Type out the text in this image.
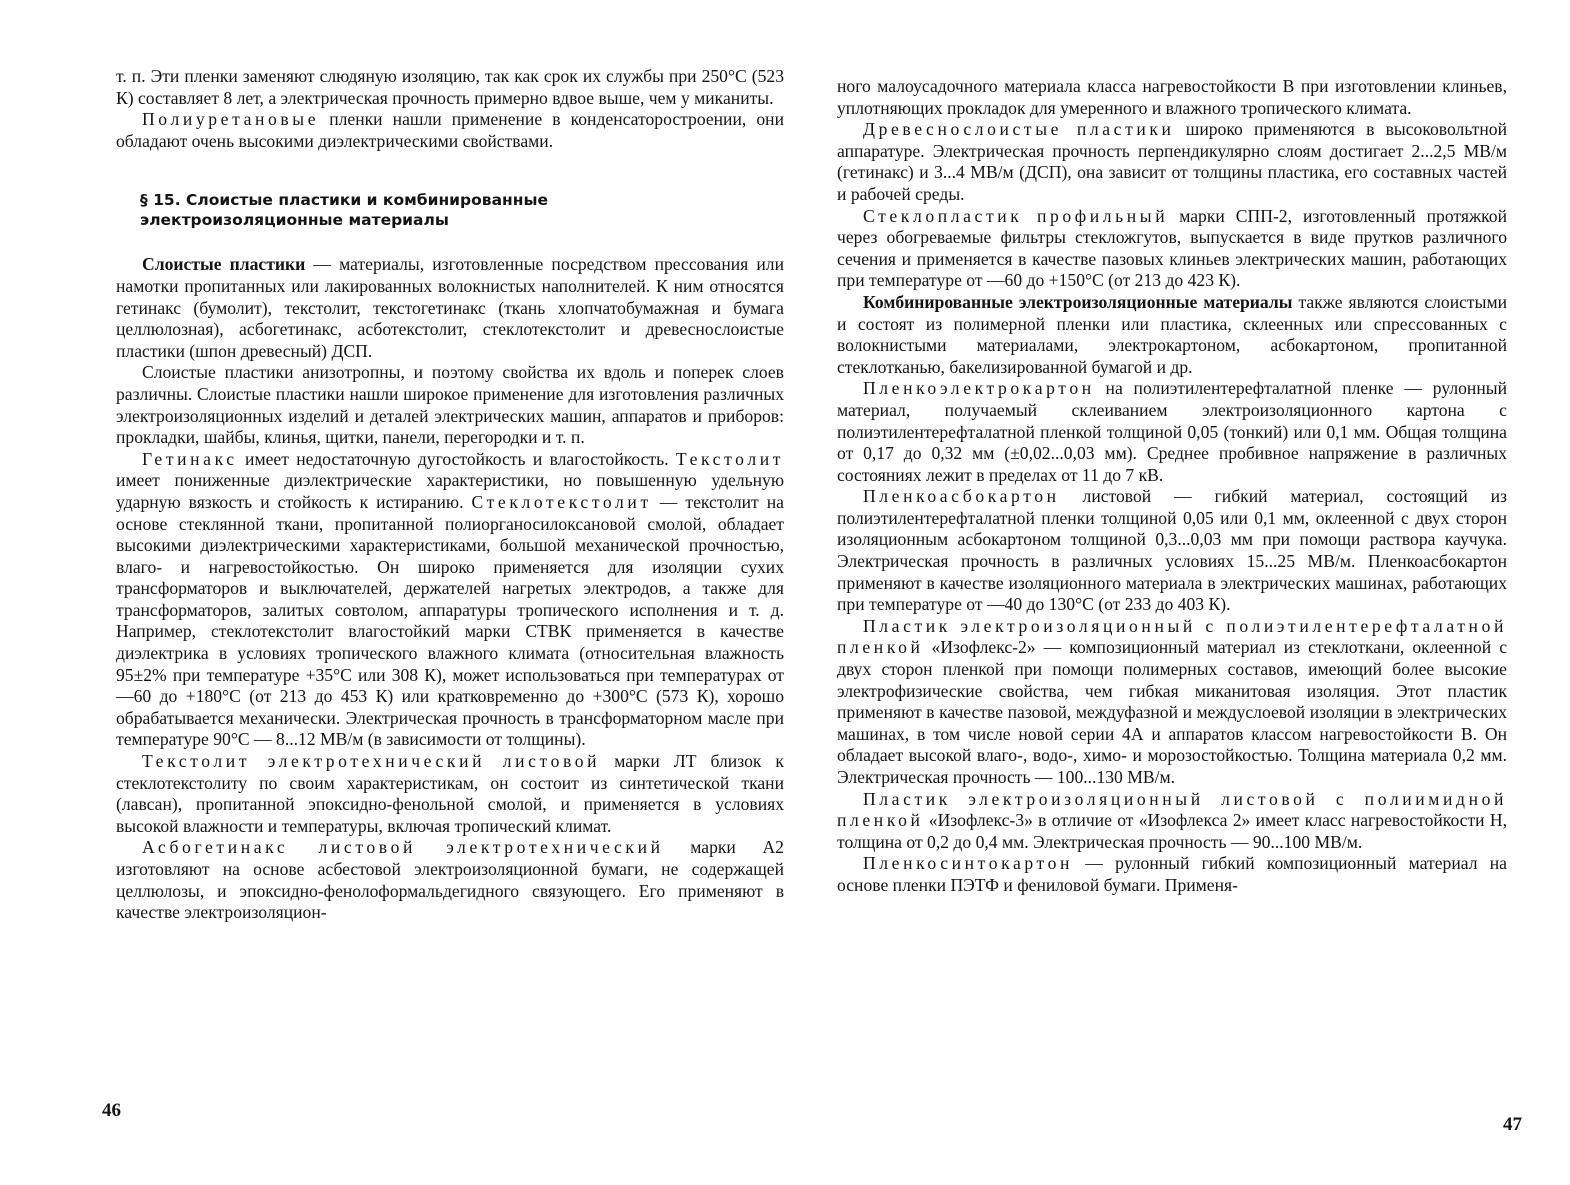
т. п. Эти пленки заменяют слюдяную изоляцию, так как срок их службы при 250°С (523 К) составляет 8 лет, а электрическая прочность примерно вдвое выше, чем у миканиты.

Полиуретановые пленки нашли применение в конденсаторостроении, они обладают очень высокими диэлектрическими свойствами.

§ 15. Слоистые пластики и комбинированные
электроизоляционные материалы

Слоистые пластики — материалы, изготовленные посредством прессования или намотки пропитанных или лакированных волокнистых наполнителей. К ним относятся гетинакс (бумолит), текстолит, текстогетинакс (ткань хлопчатобумажная и бумага целлюлозная), асбогетинакс, асботекстолит, стеклотекстолит и древеснослоистые пластики (шпон древесный) ДСП.

Слоистые пластики анизотропны, и поэтому свойства их вдоль и поперек слоев различны. Слоистые пластики нашли широкое применение для изготовления различных электроизоляционных изделий и деталей электрических машин, аппаратов и приборов: прокладки, шайбы, клинья, щитки, панели, перегородки и т. п.

Гетинакс имеет недостаточную дугостойкость и влагостойкость. Текстолит имеет пониженные диэлектрические характеристики, но повышенную удельную ударную вязкость и стойкость к истиранию. Стеклотекстолит — текстолит на основе стеклянной ткани, пропитанной полиорганосилоксановой смолой, обладает высокими диэлектрическими характеристиками, большой механической прочностью, влаго- и нагревостойкостью. Он широко применяется для изоляции сухих трансформаторов и выключателей, держателей нагретых электродов, а также для трансформаторов, залитых совтолом, аппаратуры тропического исполнения и т. д. Например, стеклотекстолит влагостойкий марки СТВК применяется в качестве диэлектрика в условиях тропического влажного климата (относительная влажность 95±2% при температуре +35°С или 308 К), может использоваться при температурах от —60 до +180°С (от 213 до 453 К) или кратковременно до +300°С (573 К), хорошо обрабатывается механически. Электрическая прочность в трансформаторном масле при температуре 90°С — 8...12 МВ/м (в зависимости от толщины).

Текстолит электротехнический листовой марки ЛТ близок к стеклотекстолиту по своим характеристикам, он состоит из синтетической ткани (лавсан), пропитанной эпоксидно-фенольной смолой, и применяется в условиях высокой влажности и температуры, включая тропический климат.

Асбогетинакс листовой электротехнический марки А2 изготовляют на основе асбестовой электроизоляционной бумаги, не содержащей целлюлозы, и эпоксидно-фенолоформальдегидного связующего. Его применяют в качестве электроизоляцион-

46

ного малоусадочного материала класса нагревостойкости В при изготовлении клиньев, уплотняющих прокладок для умеренного и влажного тропического климата.

Древеснослоистые пластики широко применяются в высоковольтной аппаратуре. Электрическая прочность перпендикулярно слоям достигает 2...2,5 МВ/м (гетинакс) и 3...4 МВ/м (ДСП), она зависит от толщины пластика, его составных частей и рабочей среды.

Стеклопластик профильный марки СПП-2, изготовленный протяжкой через обогреваемые фильтры стекложгутов, выпускается в виде прутков различного сечения и применяется в качестве пазовых клиньев электрических машин, работающих при температуре от —60 до +150°С (от 213 до 423 К).

Комбинированные электроизоляционные материалы также являются слоистыми и состоят из полимерной пленки или пластика, склеенных или спрессованных с волокнистыми материалами, электрокартоном, асбокартоном, пропитанной стеклотканью, бакелизированной бумагой и др.

Пленкоэлектрокартон на полиэтилентерефталатной пленке — рулонный материал, получаемый склеиванием электроизоляционного картона с полиэтилентерефталатной пленкой толщиной 0,05 (тонкий) или 0,1 мм. Общая толщина от 0,17 до 0,32 мм (±0,02...0,03 мм). Среднее пробивное напряжение в различных состояниях лежит в пределах от 11 до 7 кВ.

Пленкоасбокартон листовой — гибкий материал, состоящий из полиэтилентерефталатной пленки толщиной 0,05 или 0,1 мм, оклеенной с двух сторон изоляционным асбокартоном толщиной 0,3...0,03 мм при помощи раствора каучука. Электрическая прочность в различных условиях 15...25 МВ/м. Пленкоасбокартон применяют в качестве изоляционного материала в электрических машинах, работающих при температуре от —40 до 130°С (от 233 до 403 К).

Пластик электроизоляционный с полиэтилентерефталатной пленкой «Изофлекс-2» — композиционный материал из стеклоткани, оклеенной с двух сторон пленкой при помощи полимерных составов, имеющий более высокие электрофизические свойства, чем гибкая миканитовая изоляция. Этот пластик применяют в качестве пазовой, междуфазной и междуслоевой изоляции в электрических машинах, в том числе новой серии 4А и аппаратов классом нагревостойкости В. Он обладает высокой влаго-, водо-, химо- и морозостойкостью. Толщина материала 0,2 мм. Электрическая прочность — 100...130 МВ/м.

Пластик электроизоляционный листовой с полиимидной пленкой «Изофлекс-3» в отличие от «Изофлекса 2» имеет класс нагревостойкости Н, толщина от 0,2 до 0,4 мм. Электрическая прочность — 90...100 МВ/м.

Пленкосинтокартон — рулонный гибкий композиционный материал на основе пленки ПЭТФ и фениловой бумаги. Применя-

47
